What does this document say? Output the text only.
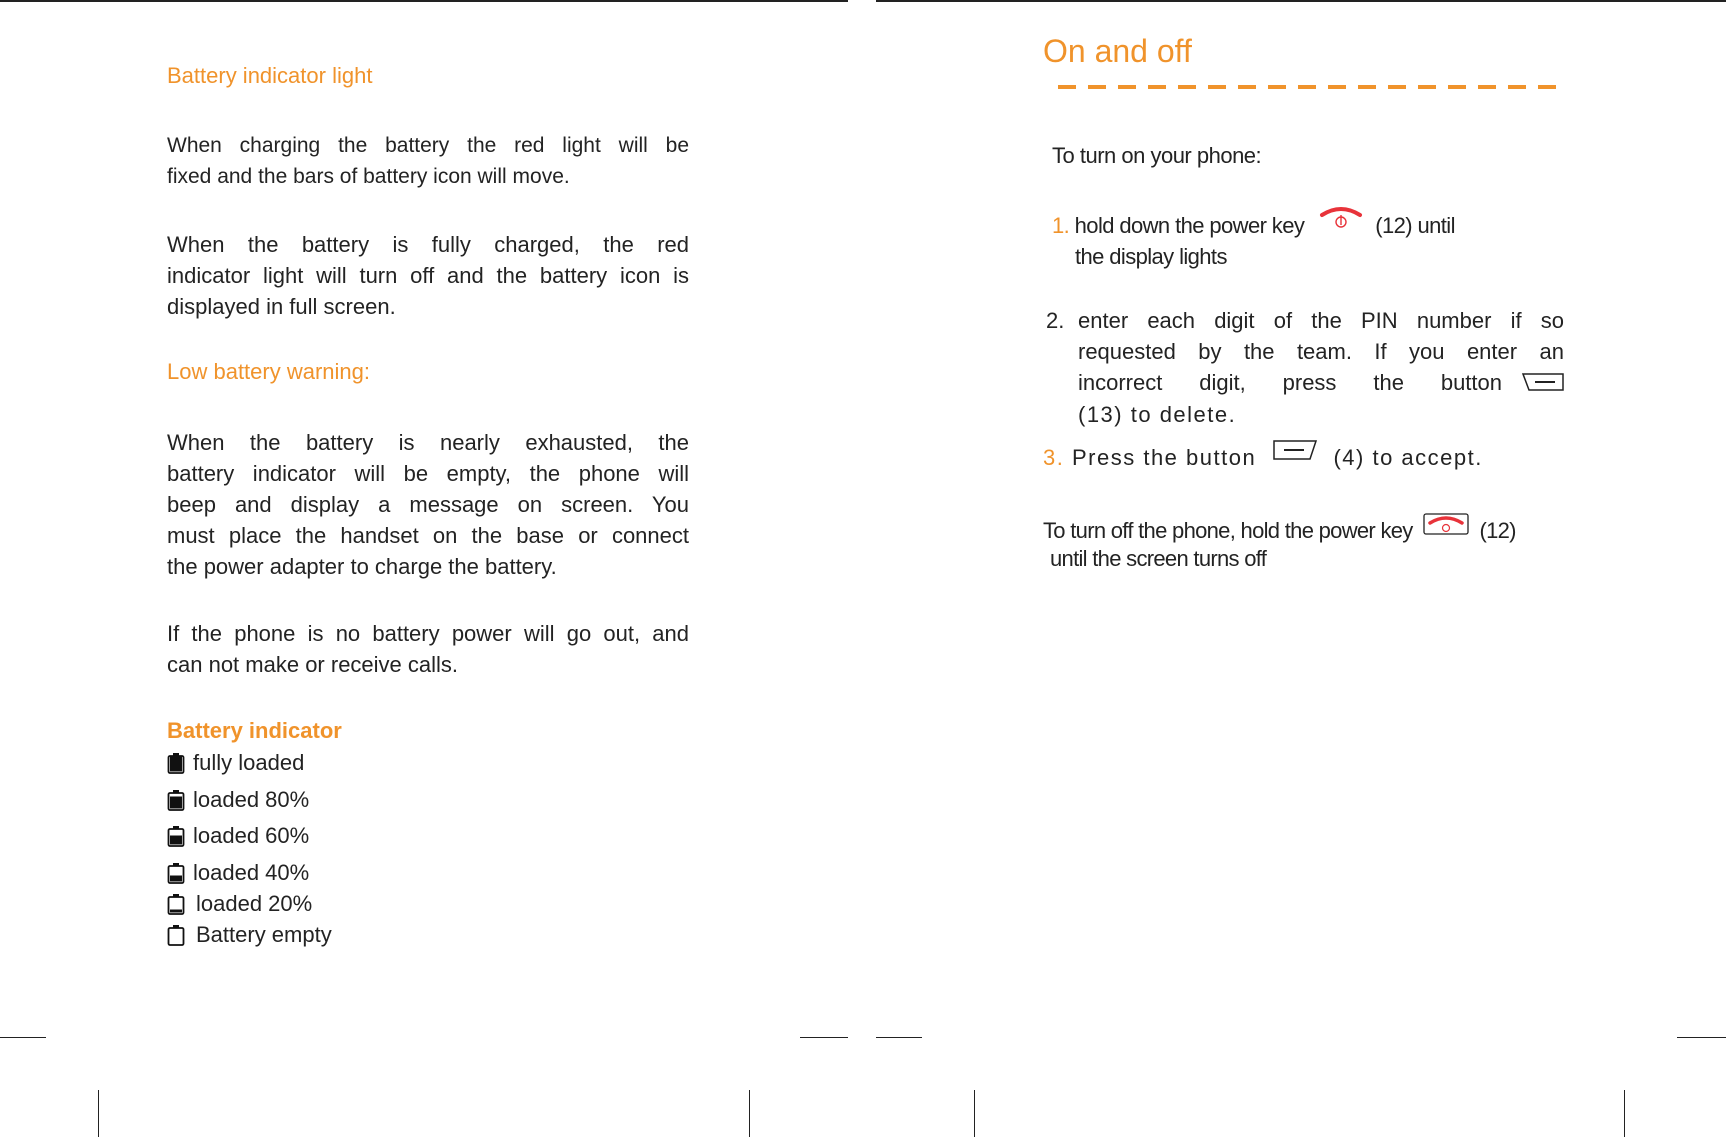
Battery indicator light
When charging the battery the red light will be
fixed and the bars of battery icon will move.
When the battery is fully charged, the red
indicator light will turn off and the battery icon is
displayed in full screen.
Low battery warning:
When the battery is nearly exhausted, the
battery indicator will be empty, the phone will
beep and display a message on screen. You
must place the handset on the base or connect
the power adapter to charge the battery.
If the phone is no battery power will go out, and
can not make or receive calls.
Battery indicator
fully loaded
loaded 80%
loaded 60%
loaded 40%
loaded 20%
Battery empty
On and off
To turn on your phone:
1. hold down the power key	(12) until
the display lights
2. enter each digit of the PIN number if so
requested by the team. If you enter an
incorrect digit, press the button
(13) to delete.
3. Press the button	(4) to accept.
To turn off the phone, hold the power key	(12)
until the screen turns off
